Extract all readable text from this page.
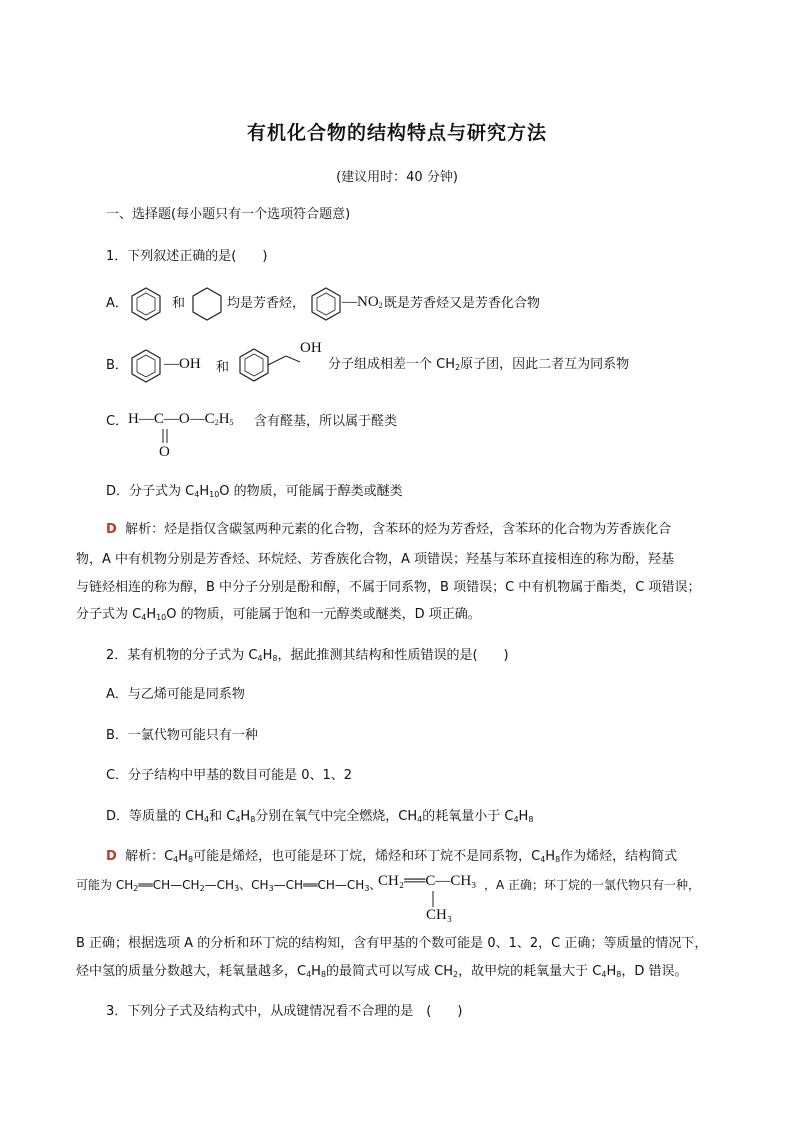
有机化合物的结构特点与研究方法
(建议用时：40 分钟)
一、选择题(每小题只有一个选项符合题意)
1．下列叙述正确的是(　　)
A．	和	均是芳香烃， $—NO_2$ 既是芳香烃又是芳香化合物
B． —OH 和
OH
分子组成相差一个 $CH_2$原子团，因此二者互为同系物
C． $H—C—O—C_2H_5$ 含有醛基，所以属于醛类
O
D．分子式为 $C_4H_{10}O$ 的物质，可能属于醇类或醚类
D 解析：烃是指仅含碳氢两种元素的化合物，含苯环的烃为芳香烃，含苯环的化合物为芳香族化合
物，A 中有机物分别是芳香烃、环烷烃、芳香族化合物，A 项错误；羟基与苯环直接相连的称为酚，羟基
与链烃相连的称为醇，B 中分子分别是酚和醇，不属于同系物，B 项错误；C 中有机物属于酯类，C 项错误；
分子式为 $C_4H_{10}O$ 的物质，可能属于饱和一元醇类或醚类，D 项正确。
2．某有机物的分子式为 $C_4H_8$，据此推测其结构和性质错误的是(　　)
A．与乙烯可能是同系物
B．一氯代物可能只有一种
C．分子结构中甲基的数目可能是 0、1、2
D．等质量的 $CH_4$和 $C_4H_8$分别在氧气中完全燃烧，$CH_4$的耗氧量小于 $C_4H_8$
D 解析：$C_4H_8$可能是烯烃，也可能是环丁烷，烯烃和环丁烷不是同系物，$C_4H_8$作为烯烃，结构简式
可能为 $CH_2══CH—CH_2—CH_3$、$CH_3—CH══CH—CH_3$、
CH₂══C—CH₃
CH₃
，A 正确；环丁烷的一氯代物只有一种，
B 正确；根据选项 A 的分析和环丁烷的结构知，含有甲基的个数可能是 0、1、2，C 正确；等质量的情况下，
烃中氢的质量分数越大，耗氧量越多，$C_4H_8$的最简式可以写成 $CH_2$，故甲烷的耗氧量大于 $C_4H_8$，D 错误。
3．下列分子式及结构式中，从成键情况看不合理的是　(　　)
